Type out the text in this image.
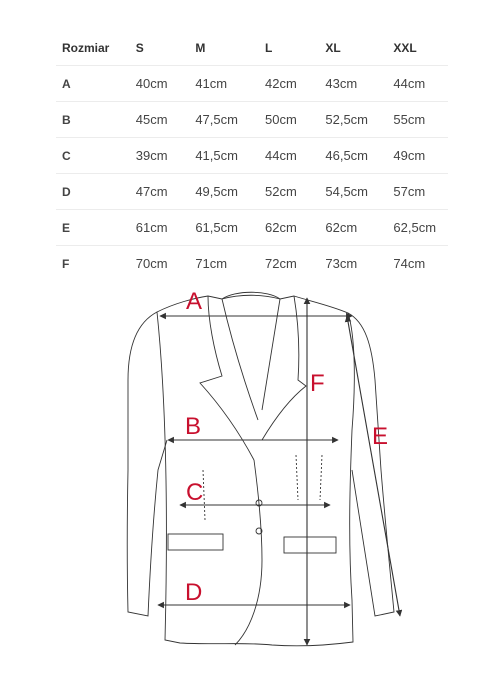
Rozmiar	S	M	L	XL	XXL
A	40cm	41cm	42cm	43cm	44cm
B	45cm	47,5cm	50cm	52,5cm	55cm
C	39cm	41,5cm	44cm	46,5cm	49cm
D	47cm	49,5cm	52cm	54,5cm	57cm
E	61cm	61,5cm	62cm	62cm	62,5cm
F	70cm	71cm	72cm	73cm	74cm
A
B
C
D
E
F
